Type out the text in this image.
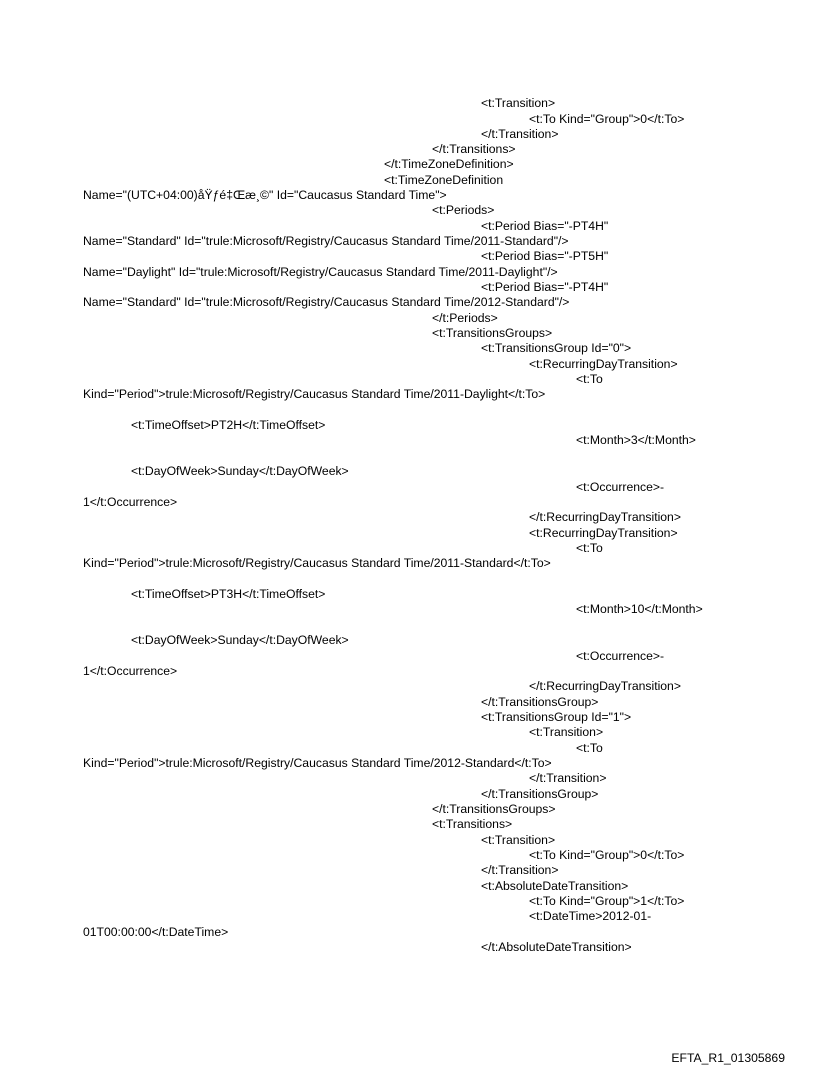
<t:Transition>
<t:To Kind="Group">0</t:To>
</t:Transition>
</t:Transitions>
</t:TimeZoneDefinition>
<t:TimeZoneDefinition
Name="(UTC+04:00)åŸƒé‡Œæ¸©" Id="Caucasus Standard Time">
<t:Periods>
<t:Period Bias="-PT4H"
Name="Standard" Id="trule:Microsoft/Registry/Caucasus Standard Time/2011-Standard"/>
<t:Period Bias="-PT5H"
Name="Daylight" Id="trule:Microsoft/Registry/Caucasus Standard Time/2011-Daylight"/>
<t:Period Bias="-PT4H"
Name="Standard" Id="trule:Microsoft/Registry/Caucasus Standard Time/2012-Standard"/>
</t:Periods>
<t:TransitionsGroups>
<t:TransitionsGroup Id="0">
<t:RecurringDayTransition>
<t:To
Kind="Period">trule:Microsoft/Registry/Caucasus Standard Time/2011-Daylight</t:To>
<t:TimeOffset>PT2H</t:TimeOffset>
<t:Month>3</t:Month>
<t:DayOfWeek>Sunday</t:DayOfWeek>
<t:Occurrence>-
1</t:Occurrence>
</t:RecurringDayTransition>
<t:RecurringDayTransition>
<t:To
Kind="Period">trule:Microsoft/Registry/Caucasus Standard Time/2011-Standard</t:To>
<t:TimeOffset>PT3H</t:TimeOffset>
<t:Month>10</t:Month>
<t:DayOfWeek>Sunday</t:DayOfWeek>
<t:Occurrence>-
1</t:Occurrence>
</t:RecurringDayTransition>
</t:TransitionsGroup>
<t:TransitionsGroup Id="1">
<t:Transition>
<t:To
Kind="Period">trule:Microsoft/Registry/Caucasus Standard Time/2012-Standard</t:To>
</t:Transition>
</t:TransitionsGroup>
</t:TransitionsGroups>
<t:Transitions>
<t:Transition>
<t:To Kind="Group">0</t:To>
</t:Transition>
<t:AbsoluteDateTransition>
<t:To Kind="Group">1</t:To>
<t:DateTime>2012-01-
01T00:00:00</t:DateTime>
</t:AbsoluteDateTransition>
EFTA_R1_01305869
